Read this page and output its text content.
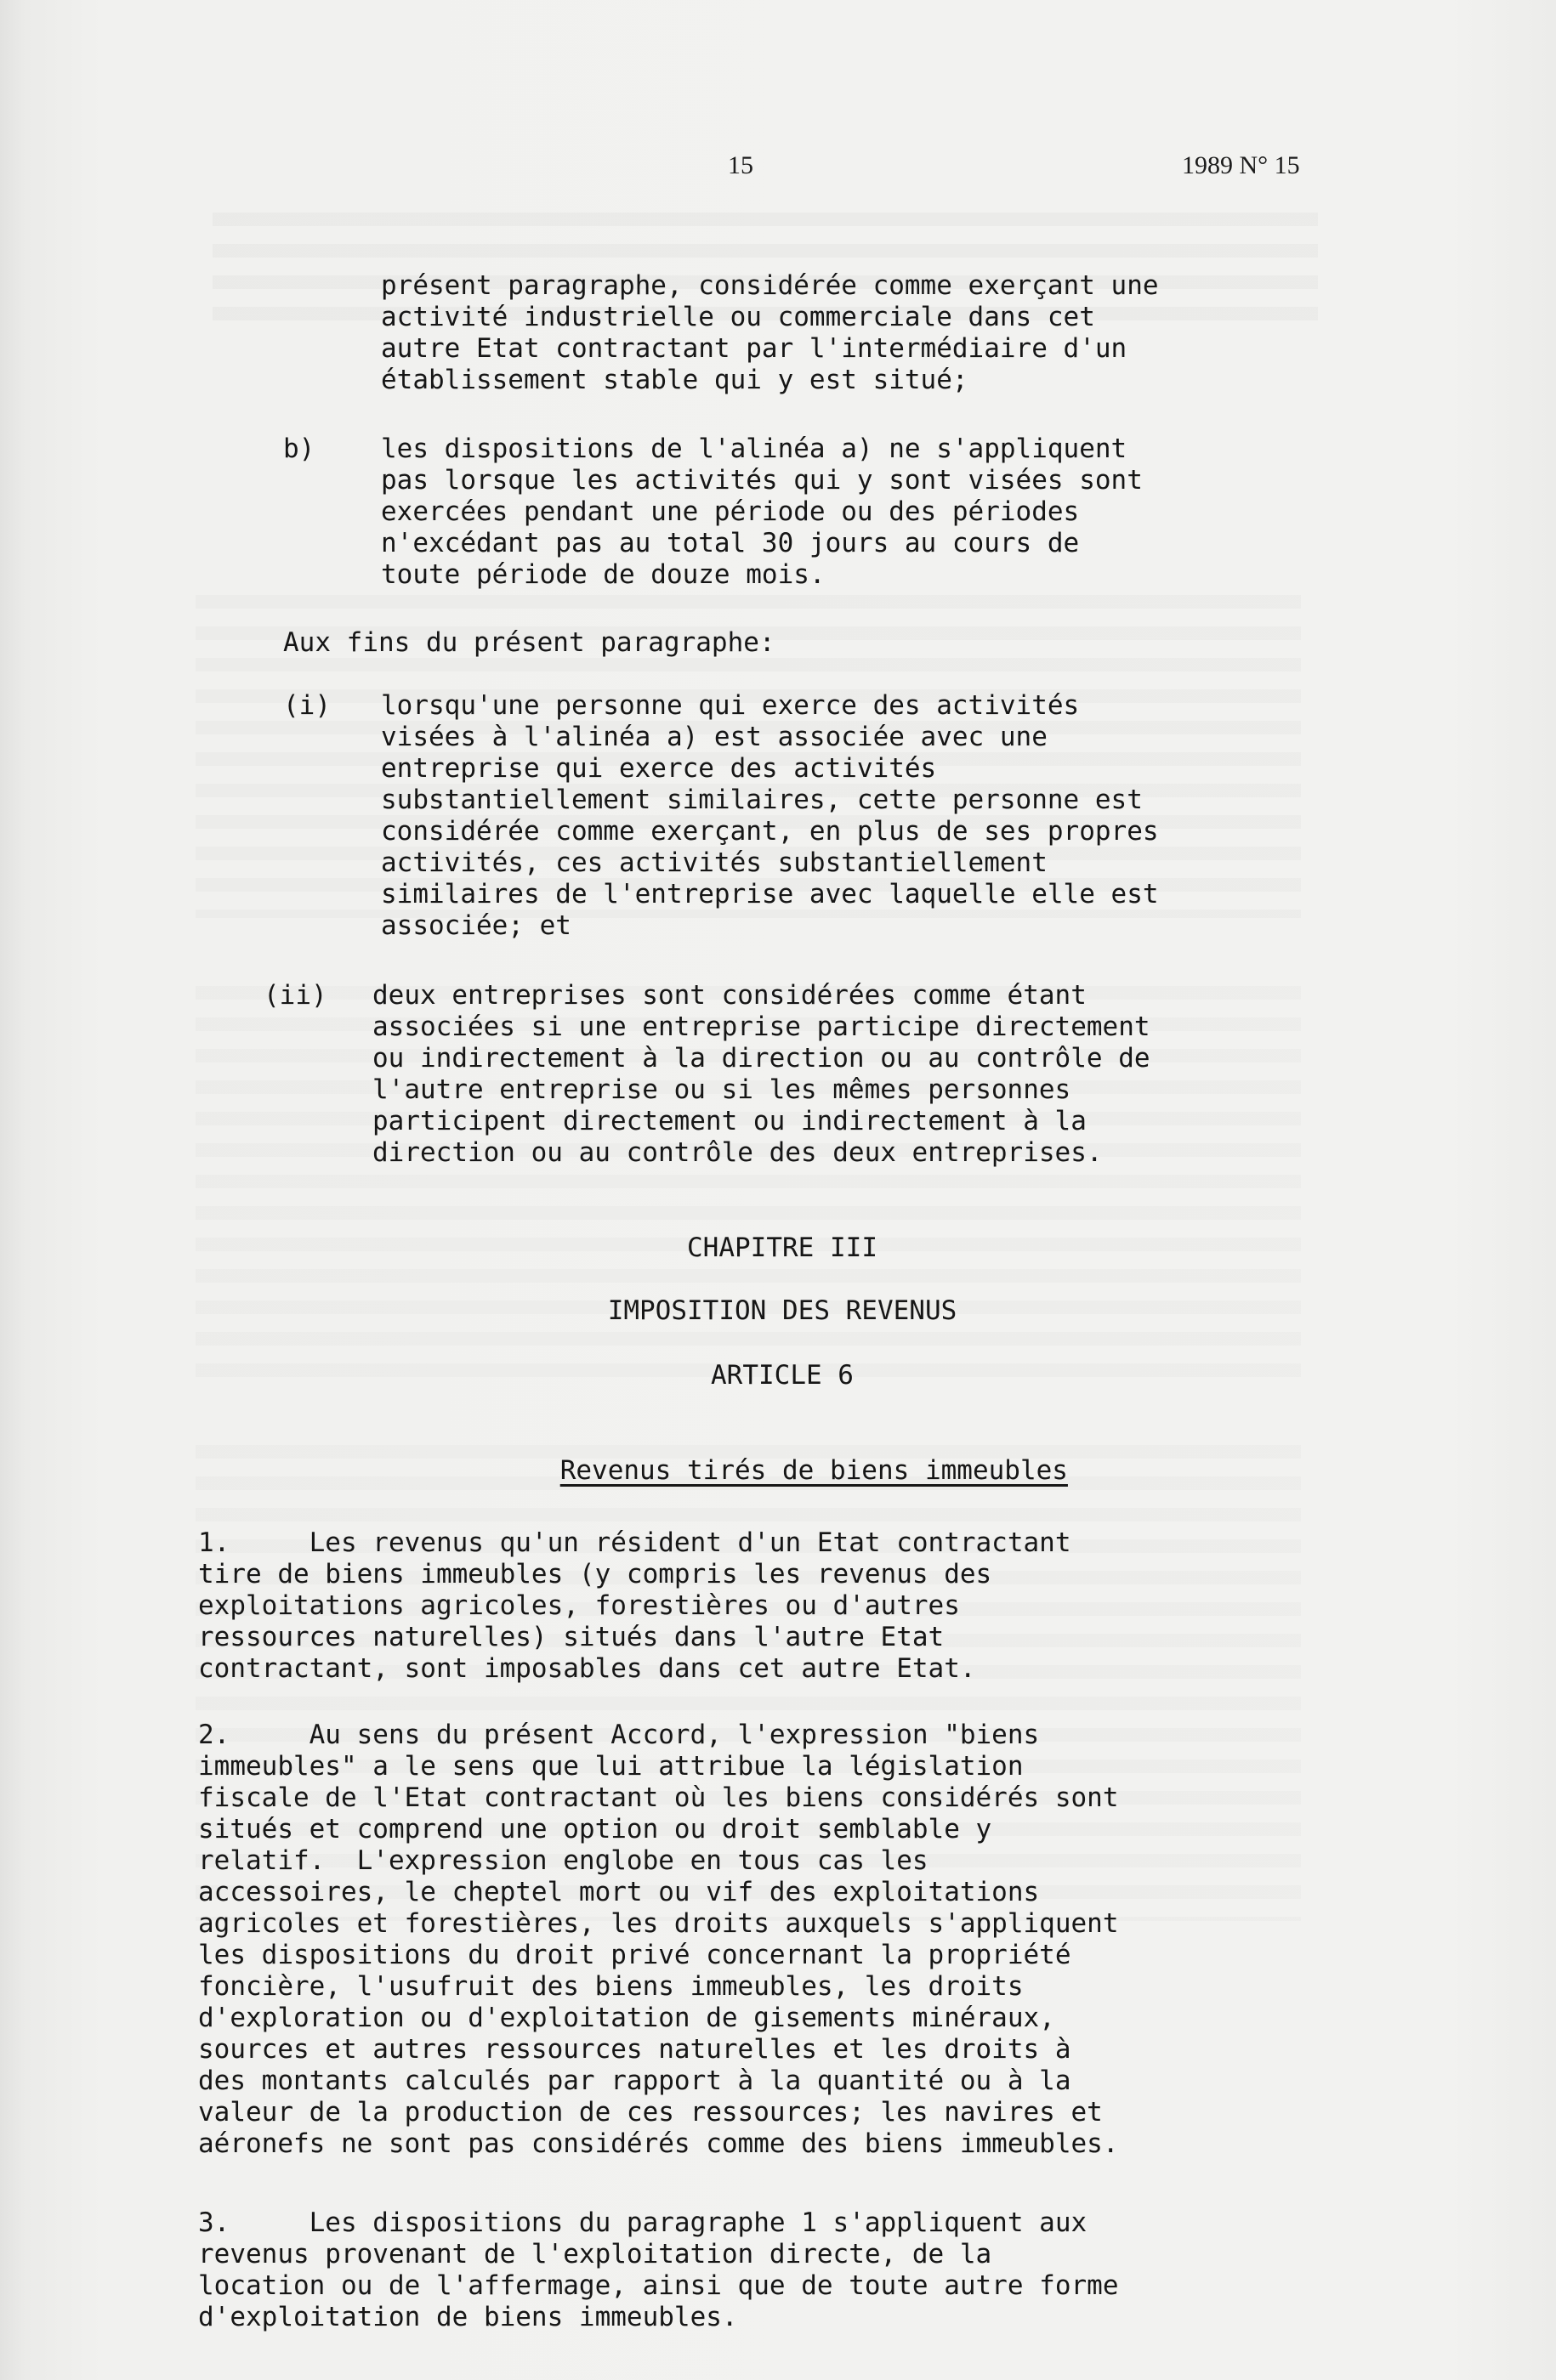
15	1989 N° 15
présent paragraphe, considérée comme exerçant une
activité industrielle ou commerciale dans cet
autre Etat contractant par l'intermédiaire d'un
établissement stable qui y est situé;
b)	les dispositions de l'alinéa a) ne s'appliquent
pas lorsque les activités qui y sont visées sont
exercées pendant une période ou des périodes
n'excédant pas au total 30 jours au cours de
toute période de douze mois.
Aux fins du présent paragraphe:
(i) lorsqu'une personne qui exerce des activités
visées à l'alinéa a) est associée avec une
entreprise qui exerce des activités
substantiellement similaires, cette personne est
considérée comme exerçant, en plus de ses propres
activités, ces activités substantiellement
similaires de l'entreprise avec laquelle elle est
associée; et
(ii) deux entreprises sont considérées comme étant
associées si une entreprise participe directement
ou indirectement à la direction ou au contrôle de
l'autre entreprise ou si les mêmes personnes
participent directement ou indirectement à la
direction ou au contrôle des deux entreprises.
CHAPITRE III
IMPOSITION DES REVENUS
ARTICLE 6

Revenus tirés de biens immeubles

1.     Les revenus qu'un résident d'un Etat contractant
tire de biens immeubles (y compris les revenus des
exploitations agricoles, forestières ou d'autres
ressources naturelles) situés dans l'autre Etat
contractant, sont imposables dans cet autre Etat.
2.     Au sens du présent Accord, l'expression "biens
immeubles" a le sens que lui attribue la législation
fiscale de l'Etat contractant où les biens considérés sont
situés et comprend une option ou droit semblable y
relatif.  L'expression englobe en tous cas les
accessoires, le cheptel mort ou vif des exploitations
agricoles et forestières, les droits auxquels s'appliquent
les dispositions du droit privé concernant la propriété
foncière, l'usufruit des biens immeubles, les droits
d'exploration ou d'exploitation de gisements minéraux,
sources et autres ressources naturelles et les droits à
des montants calculés par rapport à la quantité ou à la
valeur de la production de ces ressources; les navires et
aéronefs ne sont pas considérés comme des biens immeubles.
3.     Les dispositions du paragraphe 1 s'appliquent aux
revenus provenant de l'exploitation directe, de la
location ou de l'affermage, ainsi que de toute autre forme
d'exploitation de biens immeubles.
